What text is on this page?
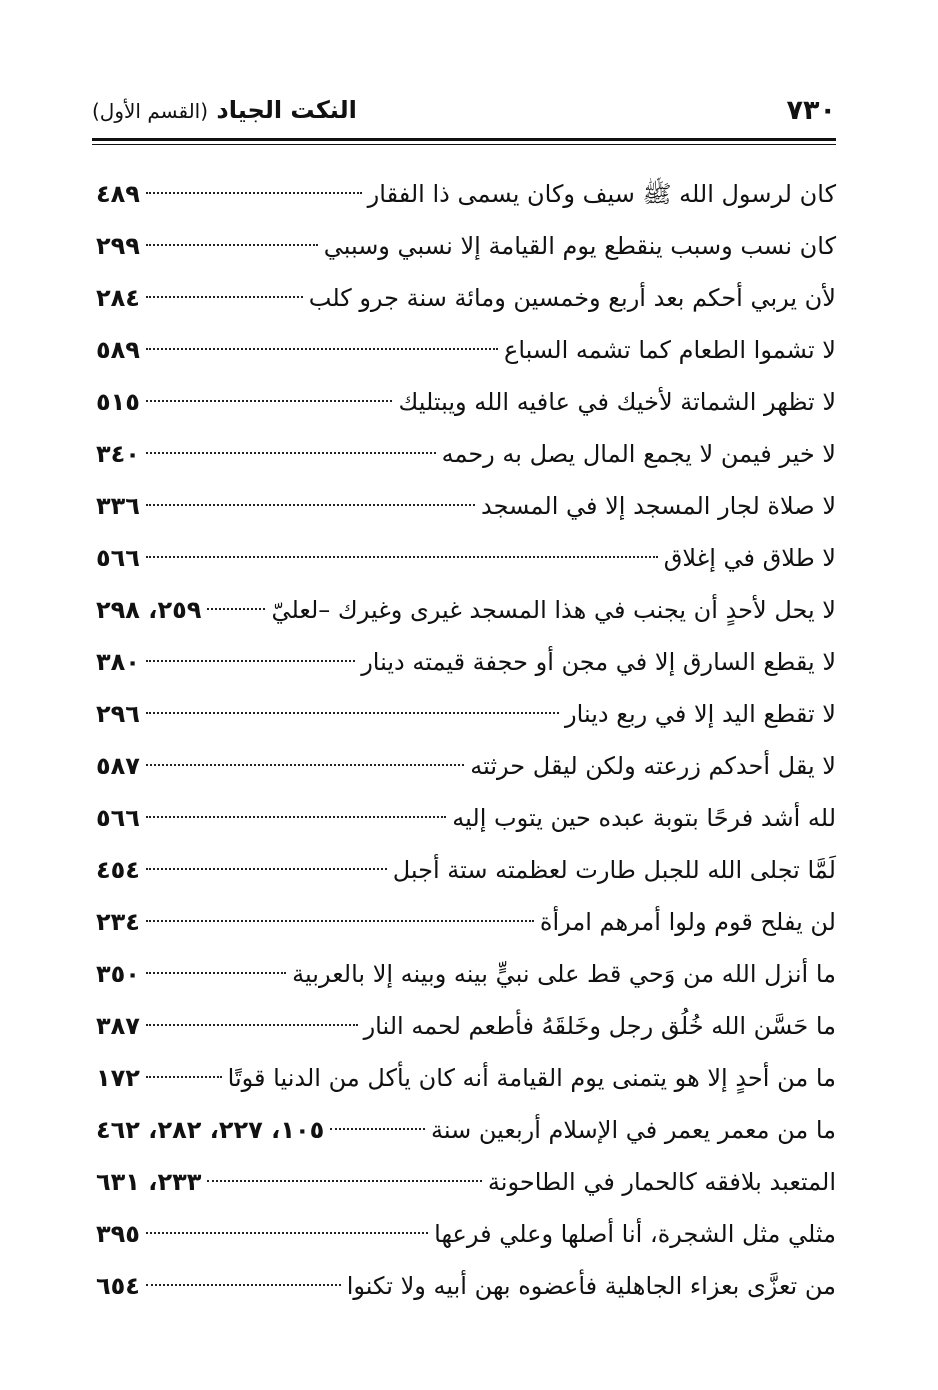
٧٣٠
النكت الجياد (القسم الأول)
كان لرسول الله ﷺ سيف وكان يسمى ذا الفقار
٤٨٩
كان نسب وسبب ينقطع يوم القيامة إلا نسبي وسببي
٢٩٩
لأن يربي أحكم بعد أربع وخمسين ومائة سنة جرو كلب
٢٨٤
لا تشموا الطعام كما تشمه السباع
٥٨٩
لا تظهر الشماتة لأخيك في عافيه الله ويبتليك
٥١٥
لا خير فيمن لا يجمع المال يصل به رحمه
٣٤٠
لا صلاة لجار المسجد إلا في المسجد
٣٣٦
لا طلاق في إغلاق
٥٦٦
لا يحل لأحدٍ أن يجنب في هذا المسجد غيرى وغيرك –لعليّ
٢٥٩، ٢٩٨
لا يقطع السارق إلا في مجن أو حجفة قيمته دينار
٣٨٠
لا تقطع اليد إلا في ربع دينار
٢٩٦
لا يقل أحدكم زرعته ولكن ليقل حرثته
٥٨٧
لله أشد فرحًا بتوبة عبده حين يتوب إليه
٥٦٦
لَمَّا تجلى الله للجبل طارت لعظمته ستة أجبل
٤٥٤
لن يفلح قوم ولوا أمرهم امرأة
٢٣٤
ما أنزل الله من وَحي قط على نبيٍّ بينه وبينه إلا بالعربية
٣٥٠
ما حَسَّن الله خُلُق رجل وخَلقَهُ فأطعم لحمه النار
٣٨٧
ما من أحدٍ إلا هو يتمنى يوم القيامة أنه كان يأكل من الدنيا قوتًا
١٧٢
ما من معمر يعمر في الإسلام أربعين سنة
١٠٥، ٢٢٧، ٢٨٢، ٤٦٢
المتعبد بلافقه كالحمار في الطاحونة
٢٣٣، ٦٣١
مثلي مثل الشجرة، أنا أصلها وعلي فرعها
٣٩٥
من تعزَّى بعزاء الجاهلية فأعضوه بهن أبيه ولا تكنوا
٦٥٤
